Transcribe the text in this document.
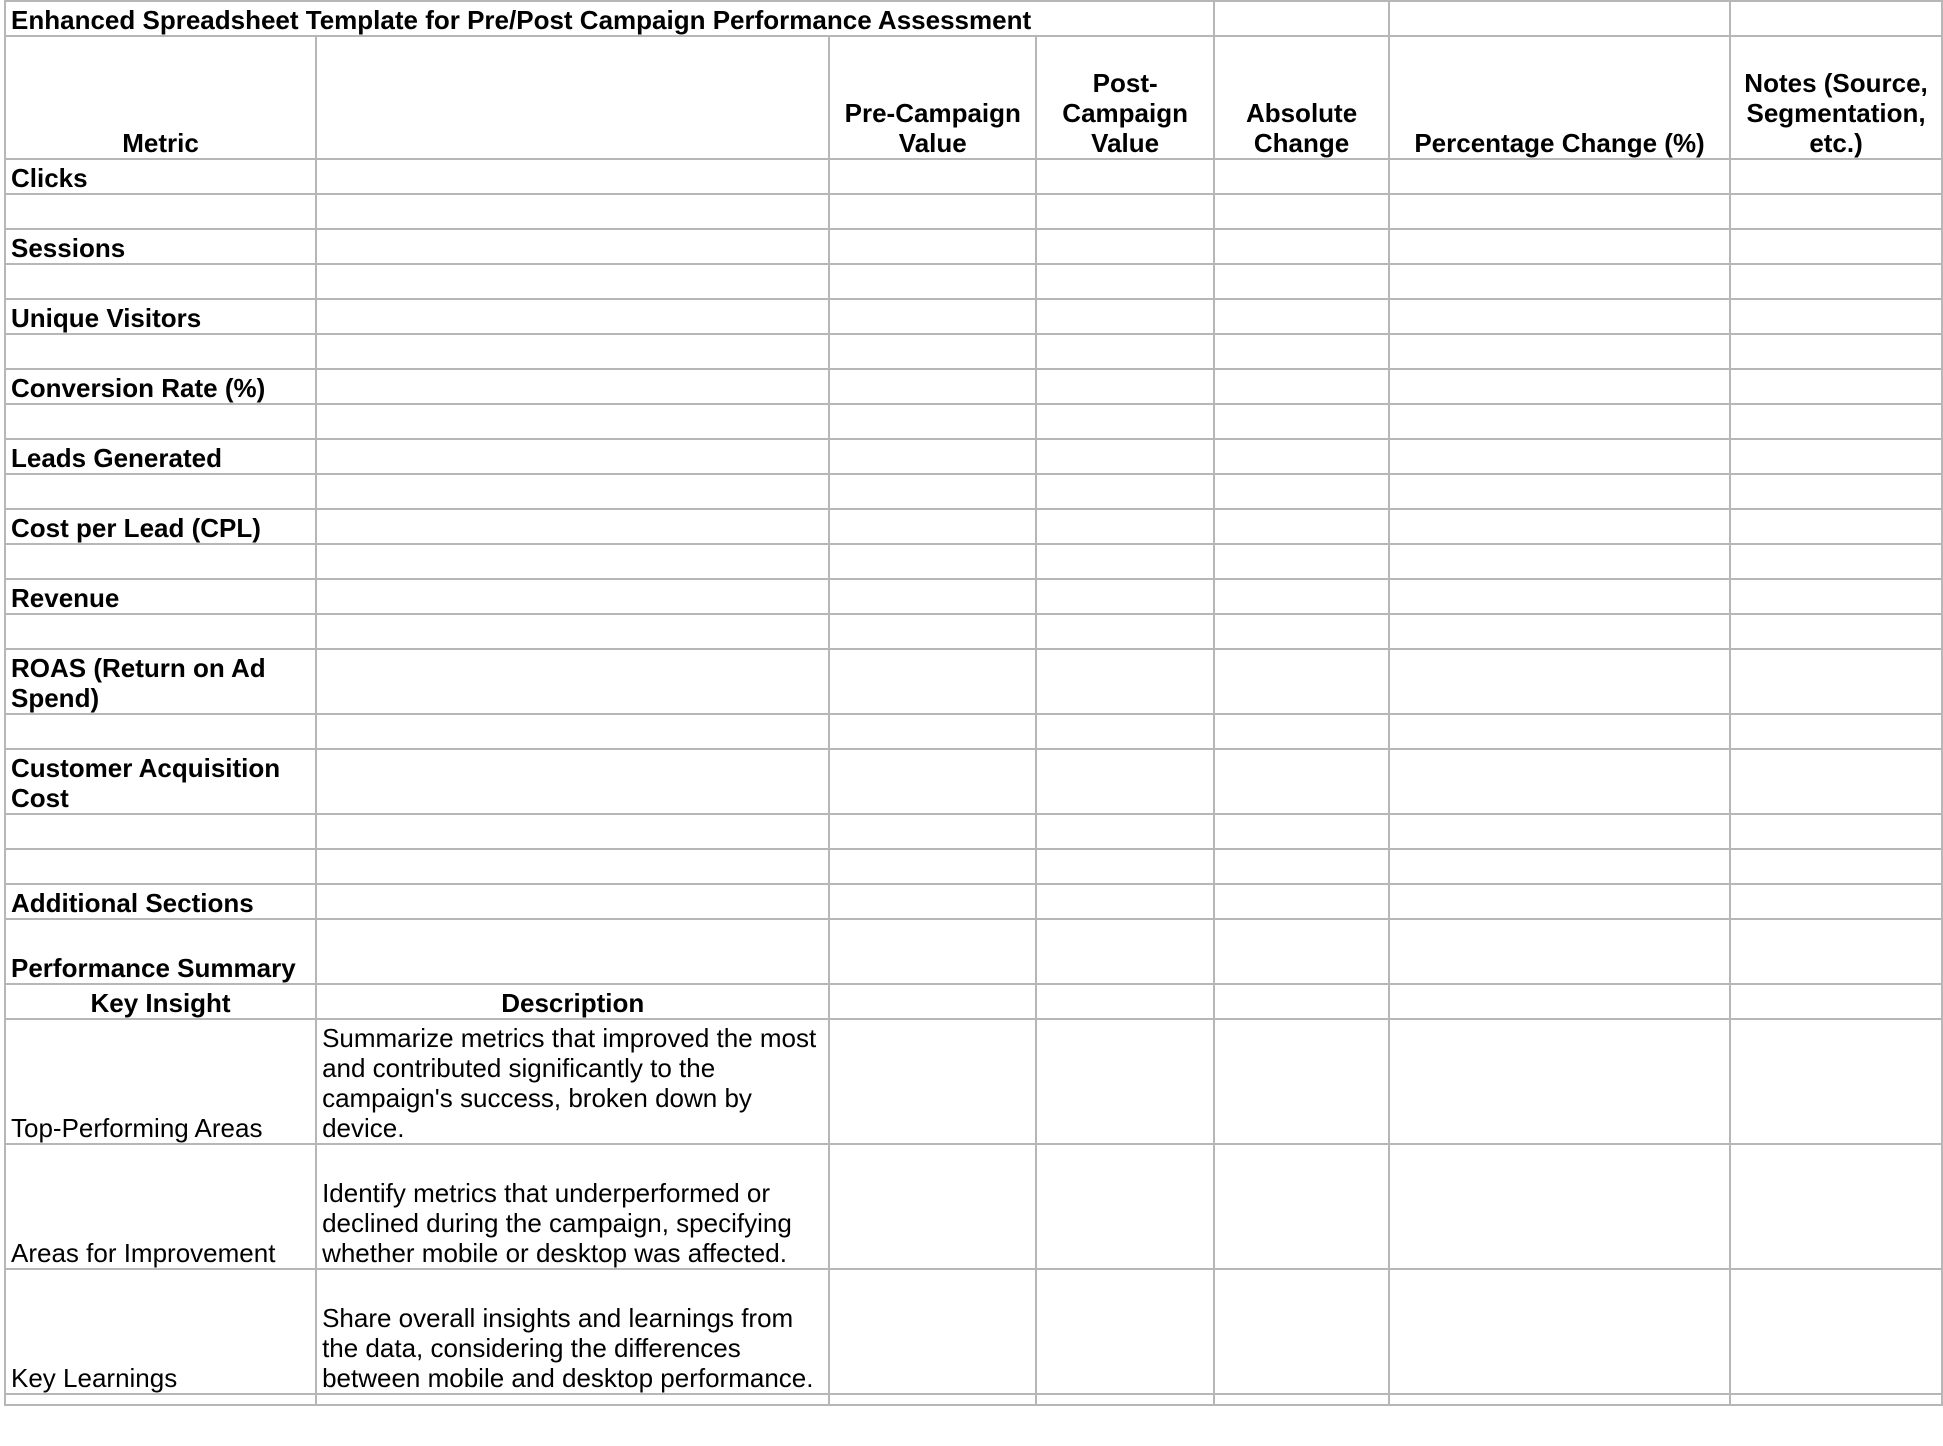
Enhanced Spreadsheet Template for Pre/Post Campaign Performance Assessment						
Metric		Pre-Campaign Value	Post-Campaign Value	Absolute Change	Percentage Change (%)	Notes (Source, Segmentation, etc.)
Clicks						

Sessions						

Unique Visitors						

Conversion Rate (%)						

Leads Generated						

Cost per Lead (CPL)						

Revenue						

ROAS (Return on Ad Spend)						

Customer Acquisition Cost						

Additional Sections						
Performance Summary						
Key Insight	Description					
Top-Performing Areas	Summarize metrics that improved the most and contributed significantly to the campaign's success, broken down by device.					
Areas for Improvement	Identify metrics that underperformed or declined during the campaign, specifying whether mobile or desktop was affected.					
Key Learnings	Share overall insights and learnings from the data, considering the differences between mobile and desktop performance.					
